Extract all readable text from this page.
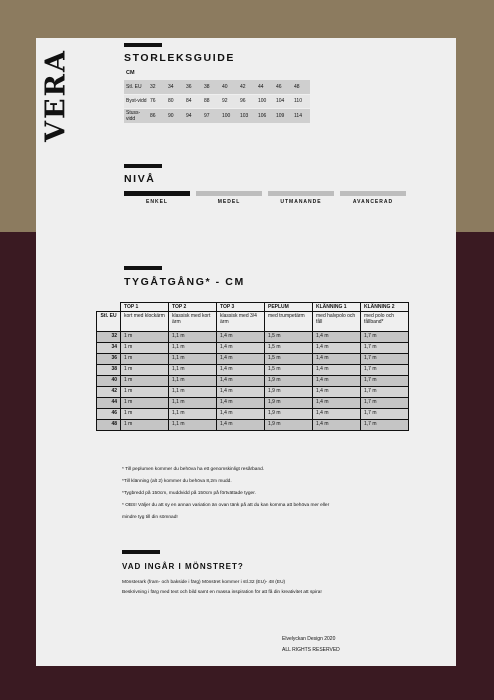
VERA	STORLEKSGUIDE
CM
Stl. EU	32	34	36	38	40	42	44	46	48
Byst-vidd	76	80	84	88	92	96	100	104	110
Stuss-vidd	86	90	94	97	100	103	106	109	114
NIVÅ
ENKEL	MEDEL	UTMANANDE	AVANCERAD
TYGÅTGÅNG* - CM
	TOP 1	TOP 2	TOP 3	PEPLUM	KLÄNNING 1	KLÄNNING 2
Stl. EU	kort med klockärm	klassisk med kort ärm	klassisk med 3/4 ärm	med trumpetärm	med halvpolo och fåll	med polo och fållband*
32	1 m	1,1 m	1,4 m	1,5 m	1,4 m	1,7 m
34	1 m	1,1 m	1,4 m	1,5 m	1,4 m	1,7 m
36	1 m	1,1 m	1,4 m	1,5 m	1,4 m	1,7 m
38	1 m	1,1 m	1,4 m	1,5 m	1,4 m	1,7 m
40	1 m	1,1 m	1,4 m	1,9 m	1,4 m	1,7 m
42	1 m	1,1 m	1,4 m	1,9 m	1,4 m	1,7 m
44	1 m	1,1 m	1,4 m	1,9 m	1,4 m	1,7 m
46	1 m	1,1 m	1,4 m	1,9 m	1,4 m	1,7 m
48	1 m	1,1 m	1,4 m	1,9 m	1,4 m	1,7 m
* Till peplumen kommer du behöva ha ett genomskinligt resårband.
*Till klänning (alt 2) kommer du behöva 8,2m mudd.
*Tygbredd på 150cm, muddvidd på 150cm på förtvättade tyger.
* OBS! Väljer du att sy en annan variation än ovan tänk på att du kan komma att behöva mer eller
mindre tyg till din sömnad!
VAD INGÅR I MÖNSTRET?
Mönsterark (fram- och bakside i färg) Mönstret kommer i stl.32 (EU)- 48 (EU)
Beskrivning i färg med text och bild samt en massa inspiration för att få din kreativitet att spira!
Elvelyckan Design 2020
ALL RIGHTS RESERVED
